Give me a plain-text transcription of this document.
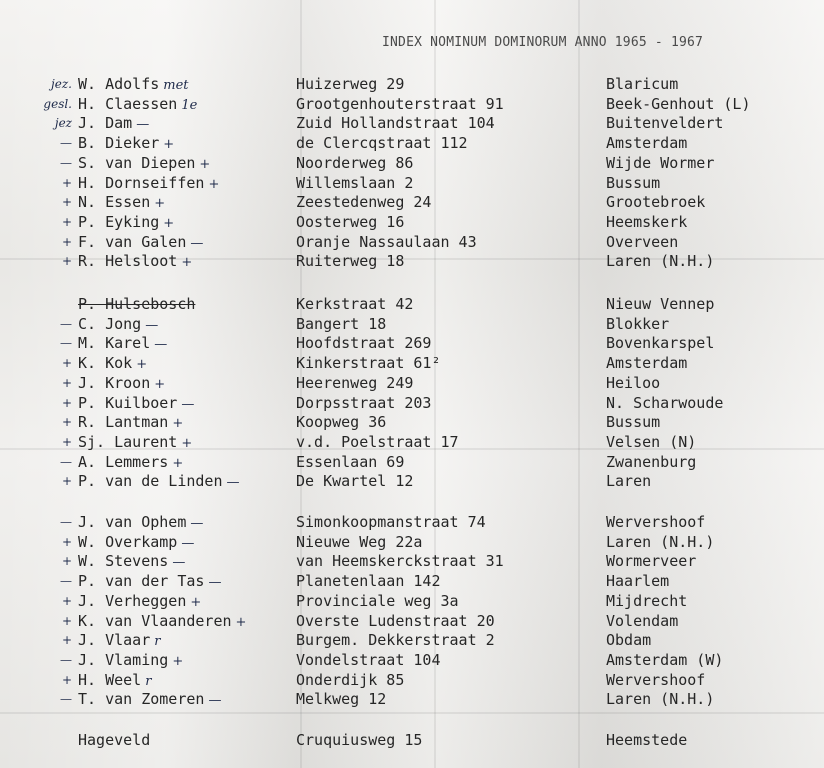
INDEX NOMINUM DOMINORUM ANNO 1965 - 1967
jez. W. Adolfs met	Huizerweg 29	Blaricum
gesl. H. Claessen 1e	Grootgenhouterstraat 91	Beek-Genhout (L)
jez J. Dam —	Zuid Hollandstraat 104	Buitenveldert
— B. Dieker +	de Clercqstraat 112	Amsterdam
— S. van Diepen +	Noorderweg 86	Wijde Wormer
+ H. Dornseiffen +	Willemslaan 2	Bussum
+ N. Essen +	Zeestedenweg 24	Grootebroek
+ P. Eyking +	Oosterweg 16	Heemskerk
+ F. van Galen —	Oranje Nassaulaan 43	Overveen
+ R. Helsloot +	Ruiterweg 18	Laren (N.H.)
P. Hulsebosch	Kerkstraat 42	Nieuw Vennep
— C. Jong —	Bangert 18	Blokker
— M. Karel —	Hoofdstraat 269	Bovenkarspel
+ K. Kok +	Kinkerstraat 61²	Amsterdam
+ J. Kroon +	Heerenweg 249	Heiloo
+ P. Kuilboer —	Dorpsstraat 203	N. Scharwoude
+ R. Lantman +	Koopweg 36	Bussum
+ Sj. Laurent +	v.d. Poelstraat 17	Velsen (N)
— A. Lemmers +	Essenlaan 69	Zwanenburg
+ P. van de Linden —	De Kwartel 12	Laren
— J. van Ophem —	Simonkoopmanstraat 74	Wervershoof
+ W. Overkamp —	Nieuwe Weg 22a	Laren (N.H.)
+ W. Stevens —	van Heemskerckstraat 31	Wormerveer
— P. van der Tas —	Planetenlaan 142	Haarlem
+ J. Verheggen +	Provinciale weg 3a	Mijdrecht
+ K. van Vlaanderen +	Overste Ludenstraat 20	Volendam
+ J. Vlaar r	Burgem. Dekkerstraat 2	Obdam
— J. Vlaming +	Vondelstraat 104	Amsterdam (W)
+ H. Weel r	Onderdijk 85	Wervershoof
— T. van Zomeren —	Melkweg 12	Laren (N.H.)
Hageveld	Cruquiusweg 15	Heemstede
